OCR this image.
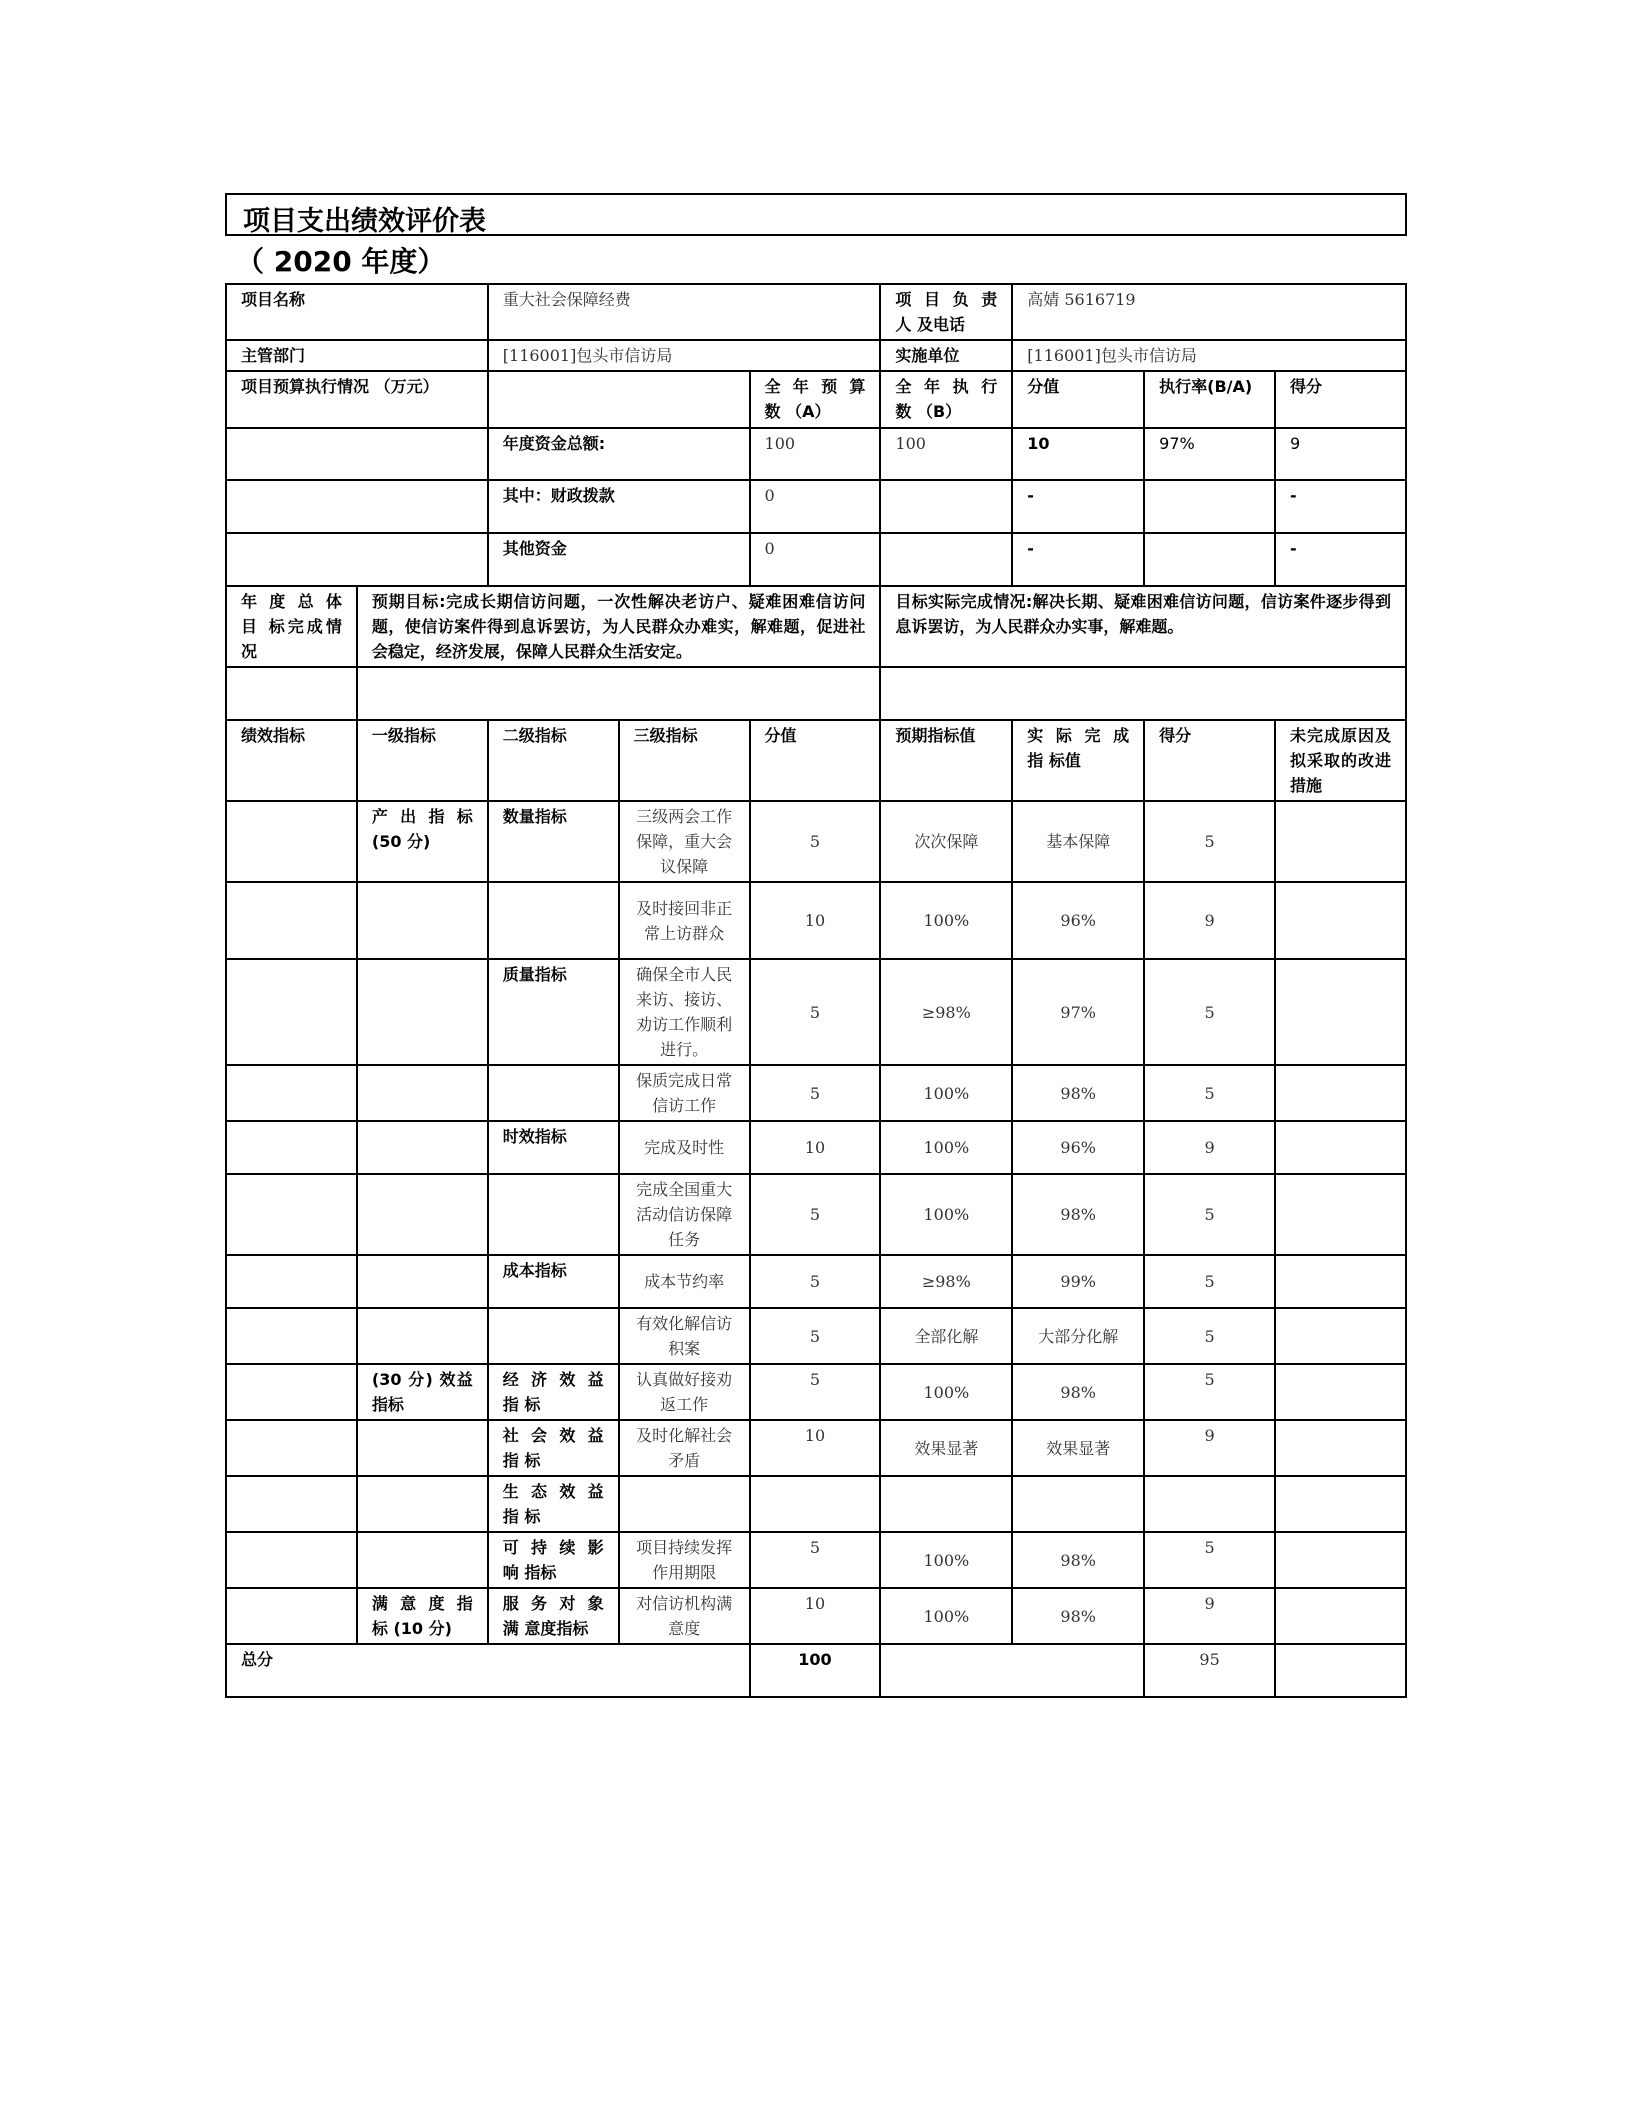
项目支出绩效评价表
（ 2020 年度）
项目名称		重大社会保障经费			项 目 负 责 人 及电话	高婧 5616719		
主管部门		[116001]包头市信访局			实施单位	[116001]包头市信访局		
项目预算执行情况 （万元）				全 年 预 算 数 （A）	全 年 执 行 数 （B）	分值	执行率(B/A)	得分
		年度资金总额:		100	100	10	97%	9
		其中：财政拨款		0		-		-
		其他资金		0		-		-
年 度 总 体 目 标完成情况	预期目标:完成长期信访问题，一次性解决老访户、疑难困难信访问题，使信访案件得到息诉罢访，为人民群众办难实，解难题，促进社会稳定，经济发展，保障人民群众生活安定。				目标实际完成情况:解决长期、疑难困难信访问题，信访案件逐步得到息诉罢访，为人民群众办实事，解难题。			

绩效指标	一级指标	二级指标	三级指标	分值	预期指标值	实 际 完 成 指 标值	得分	未完成原因及拟采取的改进措施
	产 出 指 标 (50 分)	数量指标	三级两会工作保障，重大会议保障	5	次次保障	基本保障	5	
			及时接回非正常上访群众	10	100%	96%	9	
		质量指标	确保全市人民来访、接访、劝访工作顺利进行。	5	≥98%	97%	5	
			保质完成日常信访工作	5	100%	98%	5	
		时效指标	完成及时性	10	100%	96%	9	
			完成全国重大活动信访保障任务	5	100%	98%	5	
		成本指标	成本节约率	5	≥98%	99%	5	
			有效化解信访积案	5	全部化解	大部分化解	5	
	(30 分) 效益指标	经 济 效 益 指 标	认真做好接劝返工作	5	100%	98%	5	
		社 会 效 益 指 标	及时化解社会矛盾	10	效果显著	效果显著	9	
		生 态 效 益 指 标						
		可 持 续 影 响 指标	项目持续发挥作用期限	5	100%	98%	5	
	满 意 度 指 标 (10 分)	服 务 对 象 满 意度指标	对信访机构满意度	10	100%	98%	9	
总分				100			95	
